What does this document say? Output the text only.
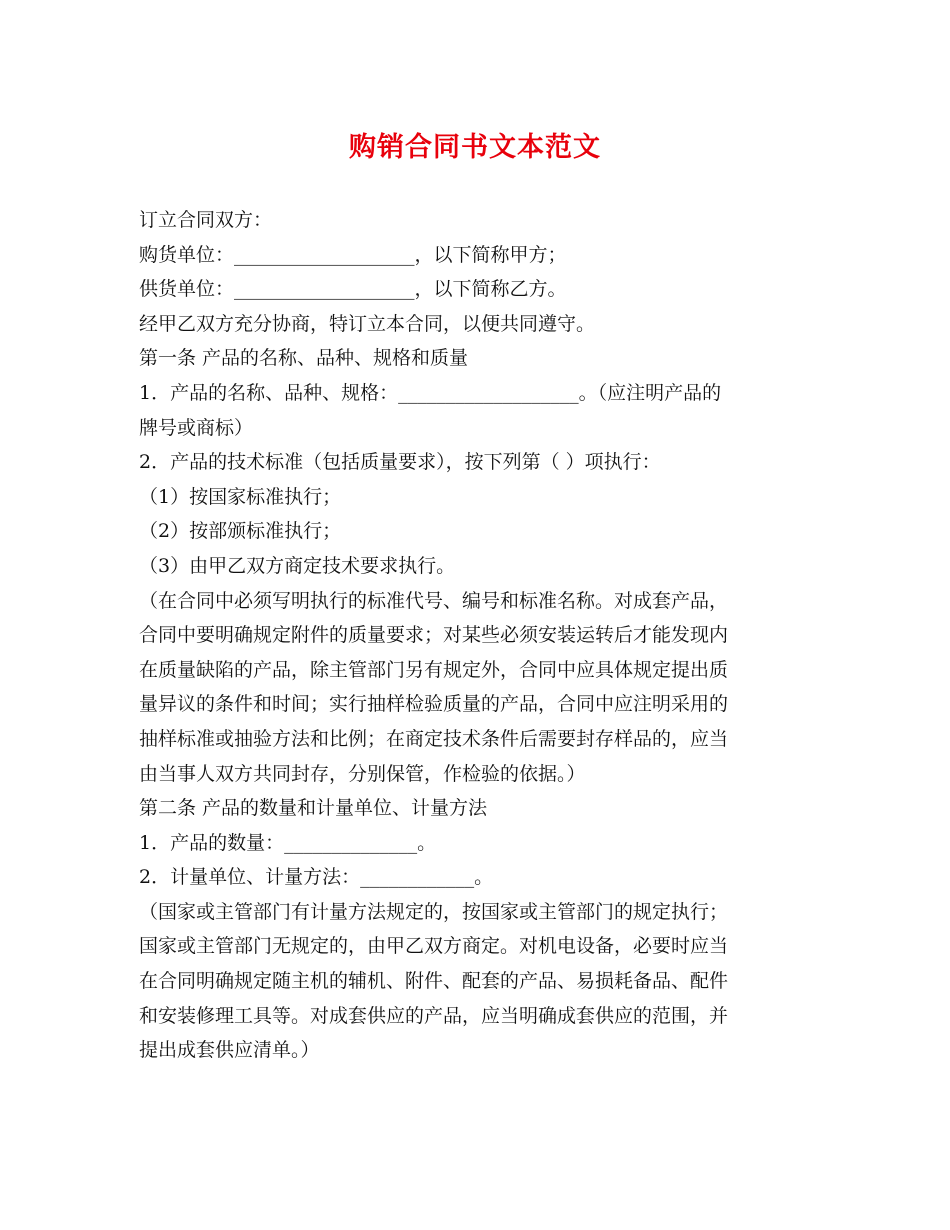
购销合同书文本范文
订立合同双方：
购货单位：___________________，以下简称甲方；
供货单位：___________________，以下简称乙方。
经甲乙双方充分协商，特订立本合同，以便共同遵守。
第一条 产品的名称、品种、规格和质量
1．产品的名称、品种、规格：___________________。（应注明产品的
牌号或商标）
2．产品的技术标准（包括质量要求），按下列第（ ）项执行：
（1）按国家标准执行；
（2）按部颁标准执行；
（3）由甲乙双方商定技术要求执行。
（在合同中必须写明执行的标准代号、编号和标准名称。对成套产品，
合同中要明确规定附件的质量要求；对某些必须安装运转后才能发现内
在质量缺陷的产品，除主管部门另有规定外，合同中应具体规定提出质
量异议的条件和时间；实行抽样检验质量的产品，合同中应注明采用的
抽样标准或抽验方法和比例；在商定技术条件后需要封存样品的，应当
由当事人双方共同封存，分别保管，作检验的依据。）
第二条 产品的数量和计量单位、计量方法
1．产品的数量：______________。
2．计量单位、计量方法：____________。
（国家或主管部门有计量方法规定的，按国家或主管部门的规定执行；
国家或主管部门无规定的，由甲乙双方商定。对机电设备，必要时应当
在合同明确规定随主机的辅机、附件、配套的产品、易损耗备品、配件
和安装修理工具等。对成套供应的产品，应当明确成套供应的范围，并
提出成套供应清单。）
